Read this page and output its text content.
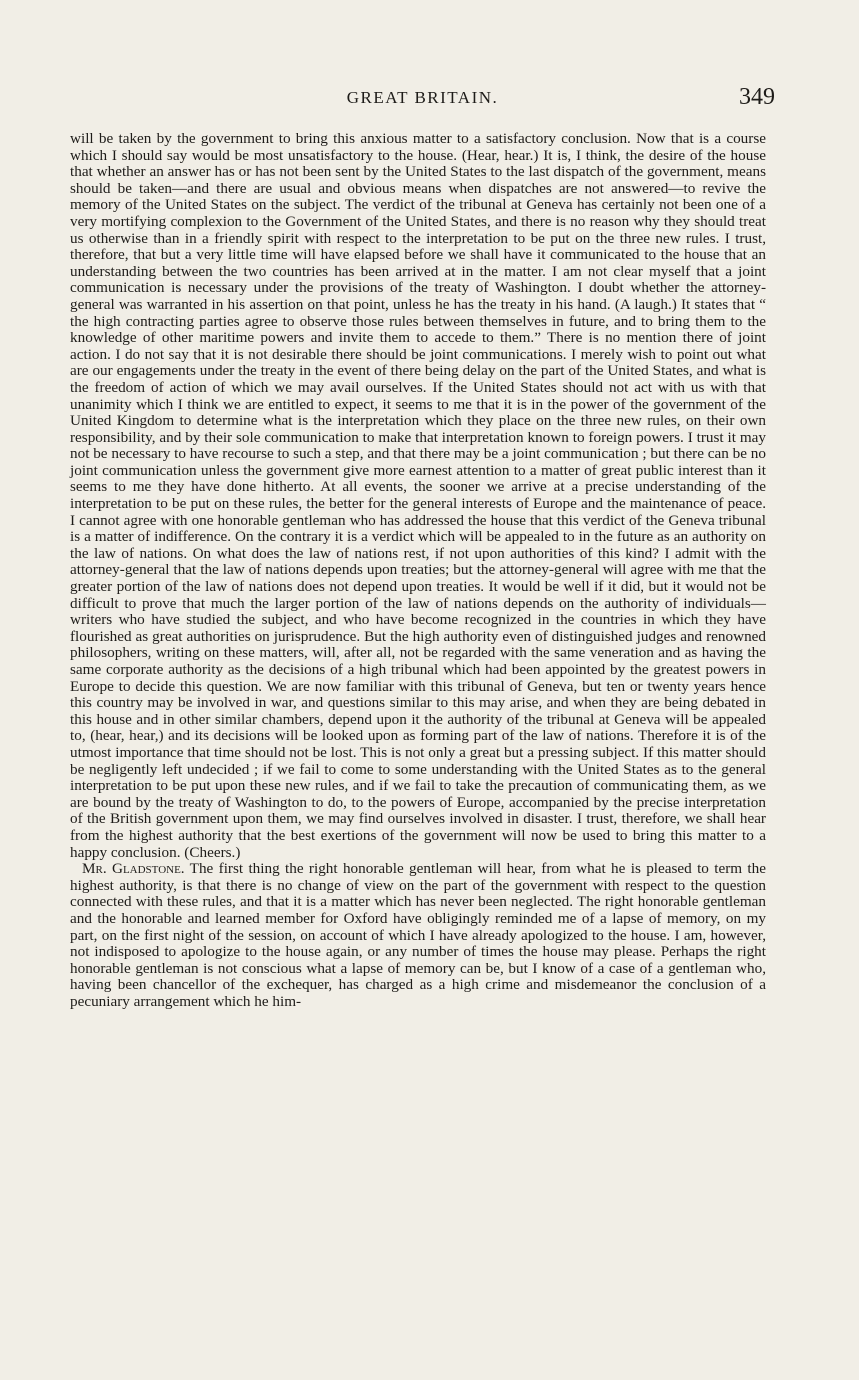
GREAT BRITAIN.	349

will be taken by the government to bring this anxious matter to a satisfactory conclusion. Now that is a course which I should say would be most unsatisfactory to the house. (Hear, hear.) It is, I think, the desire of the house that whether an answer has or has not been sent by the United States to the last dispatch of the government, means should be taken—and there are usual and obvious means when dispatches are not answered—to revive the memory of the United States on the subject. The verdict of the tribunal at Geneva has certainly not been one of a very mortifying complexion to the Government of the United States, and there is no reason why they should treat us otherwise than in a friendly spirit with respect to the interpretation to be put on the three new rules. I trust, therefore, that but a very little time will have elapsed before we shall have it communicated to the house that an understanding between the two countries has been arrived at in the matter. I am not clear myself that a joint communication is necessary under the provisions of the treaty of Washington. I doubt whether the attorney-general was warranted in his assertion on that point, unless he has the treaty in his hand. (A laugh.) It states that “ the high contracting parties agree to observe those rules between themselves in future, and to bring them to the knowledge of other maritime powers and invite them to accede to them.” There is no mention there of joint action. I do not say that it is not desirable there should be joint communications. I merely wish to point out what are our engagements under the treaty in the event of there being delay on the part of the United States, and what is the freedom of action of which we may avail ourselves. If the United States should not act with us with that unanimity which I think we are entitled to expect, it seems to me that it is in the power of the government of the United Kingdom to determine what is the interpretation which they place on the three new rules, on their own responsibility, and by their sole communication to make that interpretation known to foreign powers. I trust it may not be necessary to have recourse to such a step, and that there may be a joint communication ; but there can be no joint communication unless the government give more earnest attention to a matter of great public interest than it seems to me they have done hitherto. At all events, the sooner we arrive at a precise understanding of the interpretation to be put on these rules, the better for the general interests of Europe and the maintenance of peace. I cannot agree with one honorable gentleman who has addressed the house that this verdict of the Geneva tribunal is a matter of indifference. On the contrary it is a verdict which will be appealed to in the future as an authority on the law of nations. On what does the law of nations rest, if not upon authorities of this kind? I admit with the attorney-general that the law of nations depends upon treaties; but the attorney-general will agree with me that the greater portion of the law of nations does not depend upon treaties. It would be well if it did, but it would not be difficult to prove that much the larger portion of the law of nations depends on the authority of individuals—writers who have studied the subject, and who have become recognized in the countries in which they have flourished as great authorities on jurisprudence. But the high authority even of distinguished judges and renowned philosophers, writing on these matters, will, after all, not be regarded with the same veneration and as having the same corporate authority as the decisions of a high tribunal which had been appointed by the greatest powers in Europe to decide this question. We are now familiar with this tribunal of Geneva, but ten or twenty years hence this country may be involved in war, and questions similar to this may arise, and when they are being debated in this house and in other similar chambers, depend upon it the authority of the tribunal at Geneva will be appealed to, (hear, hear,) and its decisions will be looked upon as forming part of the law of nations. Therefore it is of the utmost importance that time should not be lost. This is not only a great but a pressing subject. If this matter should be negligently left undecided ; if we fail to come to some understanding with the United States as to the general interpretation to be put upon these new rules, and if we fail to take the precaution of communicating them, as we are bound by the treaty of Washington to do, to the powers of Europe, accompanied by the precise interpretation of the British government upon them, we may find ourselves involved in disaster. I trust, therefore, we shall hear from the highest authority that the best exertions of the government will now be used to bring this matter to a happy conclusion. (Cheers.)

Mr. Gladstone. The first thing the right honorable gentleman will hear, from what he is pleased to term the highest authority, is that there is no change of view on the part of the government with respect to the question connected with these rules, and that it is a matter which has never been neglected. The right honorable gentleman and the honorable and learned member for Oxford have obligingly reminded me of a lapse of memory, on my part, on the first night of the session, on account of which I have already apologized to the house. I am, however, not indisposed to apologize to the house again, or any number of times the house may please. Perhaps the right honorable gentleman is not conscious what a lapse of memory can be, but I know of a case of a gentleman who, having been chancellor of the exchequer, has charged as a high crime and misdemeanor the conclusion of a pecuniary arrangement which he him-
